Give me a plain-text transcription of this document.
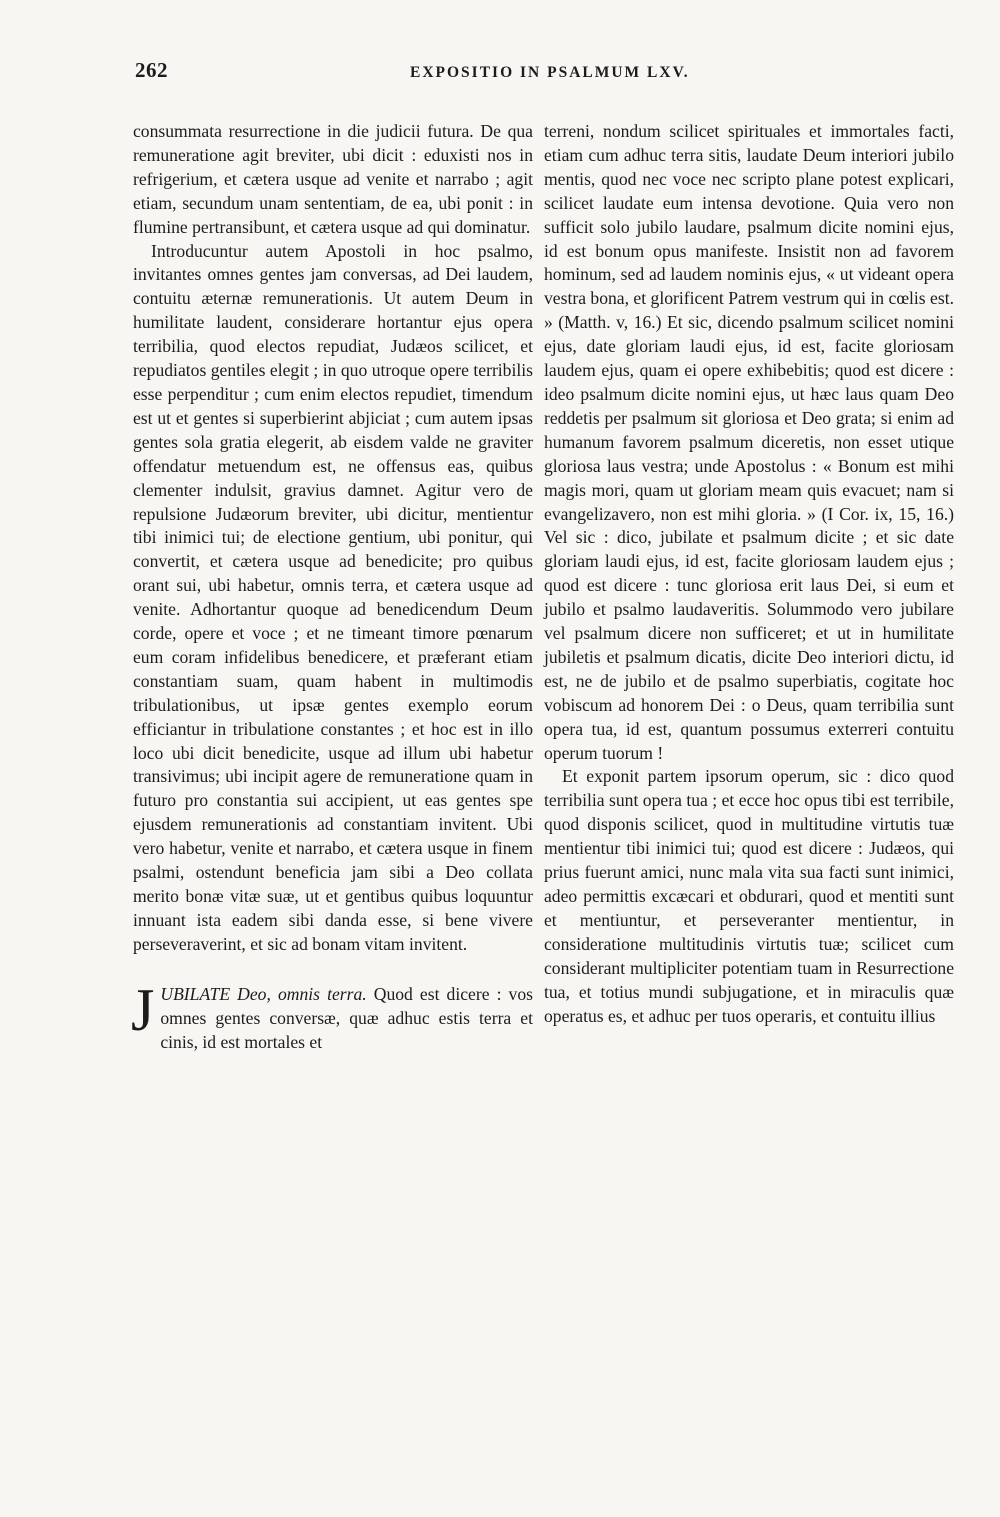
262	EXPOSITIO IN PSALMUM LXV.

consummata resurrectione in die judicii futura. De qua remuneratione agit breviter, ubi dicit : eduxisti nos in refrigerium, et cætera usque ad venite et narrabo ; agit etiam, secundum unam sententiam, de ea, ubi ponit : in flumine pertransibunt, et cætera usque ad qui dominatur.

Introducuntur autem Apostoli in hoc psalmo, invitantes omnes gentes jam conversas, ad Dei laudem, contuitu æternæ remunerationis. Ut autem Deum in humilitate laudent, considerare hortantur ejus opera terribilia, quod electos repudiat, Judæos scilicet, et repudiatos gentiles elegit ; in quo utroque opere terribilis esse perpenditur ; cum enim electos repudiet, timendum est ut et gentes si superbierint abjiciat ; cum autem ipsas gentes sola gratia elegerit, ab eisdem valde ne graviter offendatur metuendum est, ne offensus eas, quibus clementer indulsit, gravius damnet. Agitur vero de repulsione Judæorum breviter, ubi dicitur, mentientur tibi inimici tui; de electione gentium, ubi ponitur, qui convertit, et cætera usque ad benedicite; pro quibus orant sui, ubi habetur, omnis terra, et cætera usque ad venite. Adhortantur quoque ad benedicendum Deum corde, opere et voce ; et ne timeant timore pœnarum eum coram infidelibus benedicere, et præferant etiam constantiam suam, quam habent in multimodis tribulationibus, ut ipsæ gentes exemplo eorum efficiantur in tribulatione constantes ; et hoc est in illo loco ubi dicit benedicite, usque ad illum ubi habetur transivimus; ubi incipit agere de remuneratione quam in futuro pro constantia sui accipient, ut eas gentes spe ejusdem remunerationis ad constantiam invitent. Ubi vero habetur, venite et narrabo, et cætera usque in finem psalmi, ostendunt beneficia jam sibi a Deo collata merito bonæ vitæ suæ, ut et gentibus quibus loquuntur innuant ista eadem sibi danda esse, si bene vivere perseveraverint, et sic ad bonam vitam invitent.

JUBILATE Deo, omnis terra. Quod est dicere : vos omnes gentes conversæ, quæ adhuc estis terra et cinis, id est mortales et

terreni, nondum scilicet spirituales et immortales facti, etiam cum adhuc terra sitis, laudate Deum interiori jubilo mentis, quod nec voce nec scripto plane potest explicari, scilicet laudate eum intensa devotione. Quia vero non sufficit solo jubilo laudare, psalmum dicite nomini ejus, id est bonum opus manifeste. Insistit non ad favorem hominum, sed ad laudem nominis ejus, « ut videant opera vestra bona, et glorificent Patrem vestrum qui in cœlis est. » (Matth. v, 16.) Et sic, dicendo psalmum scilicet nomini ejus, date gloriam laudi ejus, id est, facite gloriosam laudem ejus, quam ei opere exhibebitis; quod est dicere : ideo psalmum dicite nomini ejus, ut hæc laus quam Deo reddetis per psalmum sit gloriosa et Deo grata; si enim ad humanum favorem psalmum diceretis, non esset utique gloriosa laus vestra; unde Apostolus : « Bonum est mihi magis mori, quam ut gloriam meam quis evacuet; nam si evangelizavero, non est mihi gloria. » (I Cor. ix, 15, 16.) Vel sic : dico, jubilate et psalmum dicite ; et sic date gloriam laudi ejus, id est, facite gloriosam laudem ejus ; quod est dicere : tunc gloriosa erit laus Dei, si eum et jubilo et psalmo laudaveritis. Solummodo vero jubilare vel psalmum dicere non sufficeret; et ut in humilitate jubiletis et psalmum dicatis, dicite Deo interiori dictu, id est, ne de jubilo et de psalmo superbiatis, cogitate hoc vobiscum ad honorem Dei : o Deus, quam terribilia sunt opera tua, id est, quantum possumus exterreri contuitu operum tuorum !

Et exponit partem ipsorum operum, sic : dico quod terribilia sunt opera tua ; et ecce hoc opus tibi est terribile, quod disponis scilicet, quod in multitudine virtutis tuæ mentientur tibi inimici tui; quod est dicere : Judæos, qui prius fuerunt amici, nunc mala vita sua facti sunt inimici, adeo permittis excæcari et obdurari, quod et mentiti sunt et mentiuntur, et perseveranter mentientur, in consideratione multitudinis virtutis tuæ; scilicet cum considerant multipliciter potentiam tuam in Resurrectione tua, et totius mundi subjugatione, et in miraculis quæ operatus es, et adhuc per tuos operaris, et contuitu illius
